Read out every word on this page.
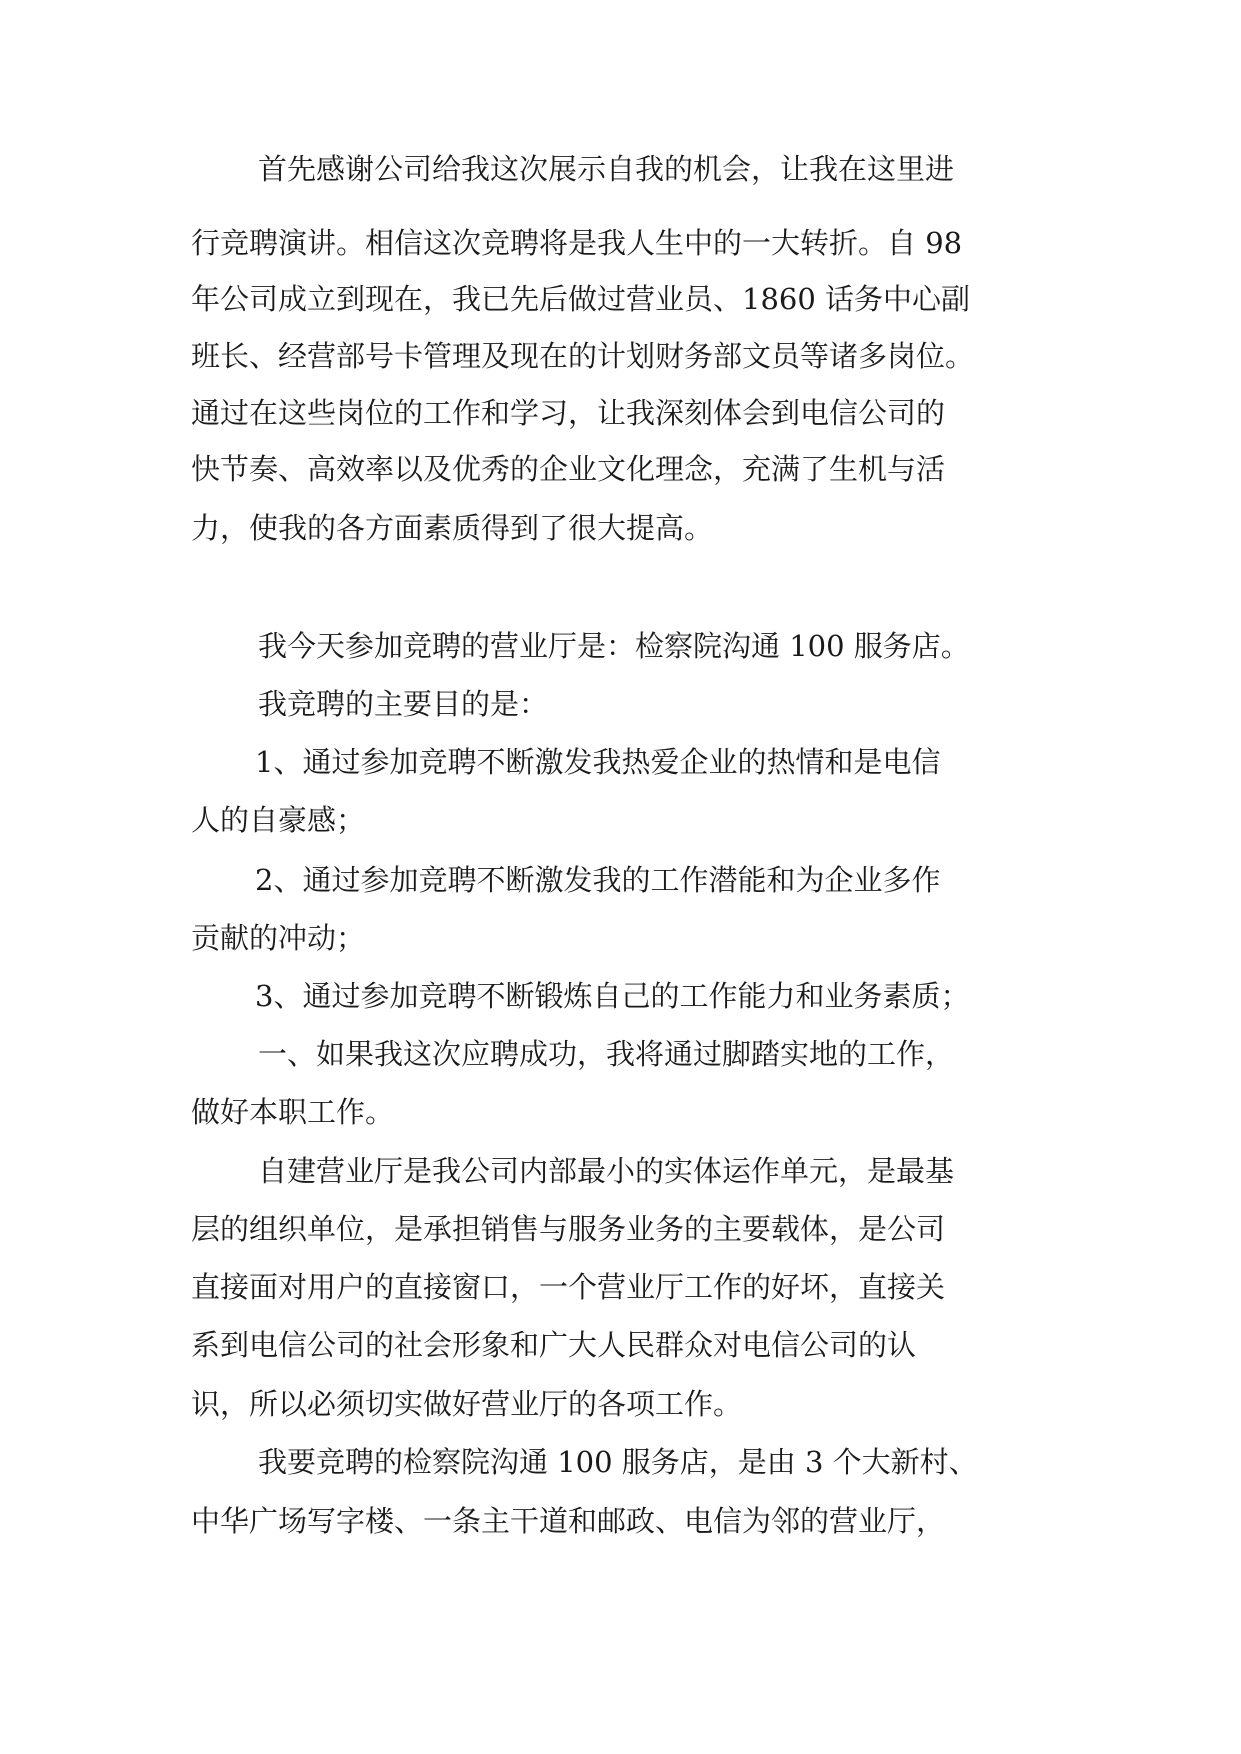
首先感谢公司给我这次展示自我的机会，让我在这里进
行竞聘演讲。相信这次竞聘将是我人生中的一大转折。自 98
年公司成立到现在，我已先后做过营业员、1860 话务中心副
班长、经营部号卡管理及现在的计划财务部文员等诸多岗位。
通过在这些岗位的工作和学习，让我深刻体会到电信公司的
快节奏、高效率以及优秀的企业文化理念，充满了生机与活
力，使我的各方面素质得到了很大提高。
我今天参加竞聘的营业厅是：检察院沟通 100 服务店。
我竞聘的主要目的是：
1、通过参加竞聘不断激发我热爱企业的热情和是电信
人的自豪感；
2、通过参加竞聘不断激发我的工作潜能和为企业多作
贡献的冲动；
3、通过参加竞聘不断锻炼自己的工作能力和业务素质；
一、如果我这次应聘成功，我将通过脚踏实地的工作，
做好本职工作。
自建营业厅是我公司内部最小的实体运作单元，是最基
层的组织单位，是承担销售与服务业务的主要载体，是公司
直接面对用户的直接窗口，一个营业厅工作的好坏，直接关
系到电信公司的社会形象和广大人民群众对电信公司的认
识，所以必须切实做好营业厅的各项工作。
我要竞聘的检察院沟通 100 服务店，是由 3 个大新村、
中华广场写字楼、一条主干道和邮政、电信为邻的营业厅，
